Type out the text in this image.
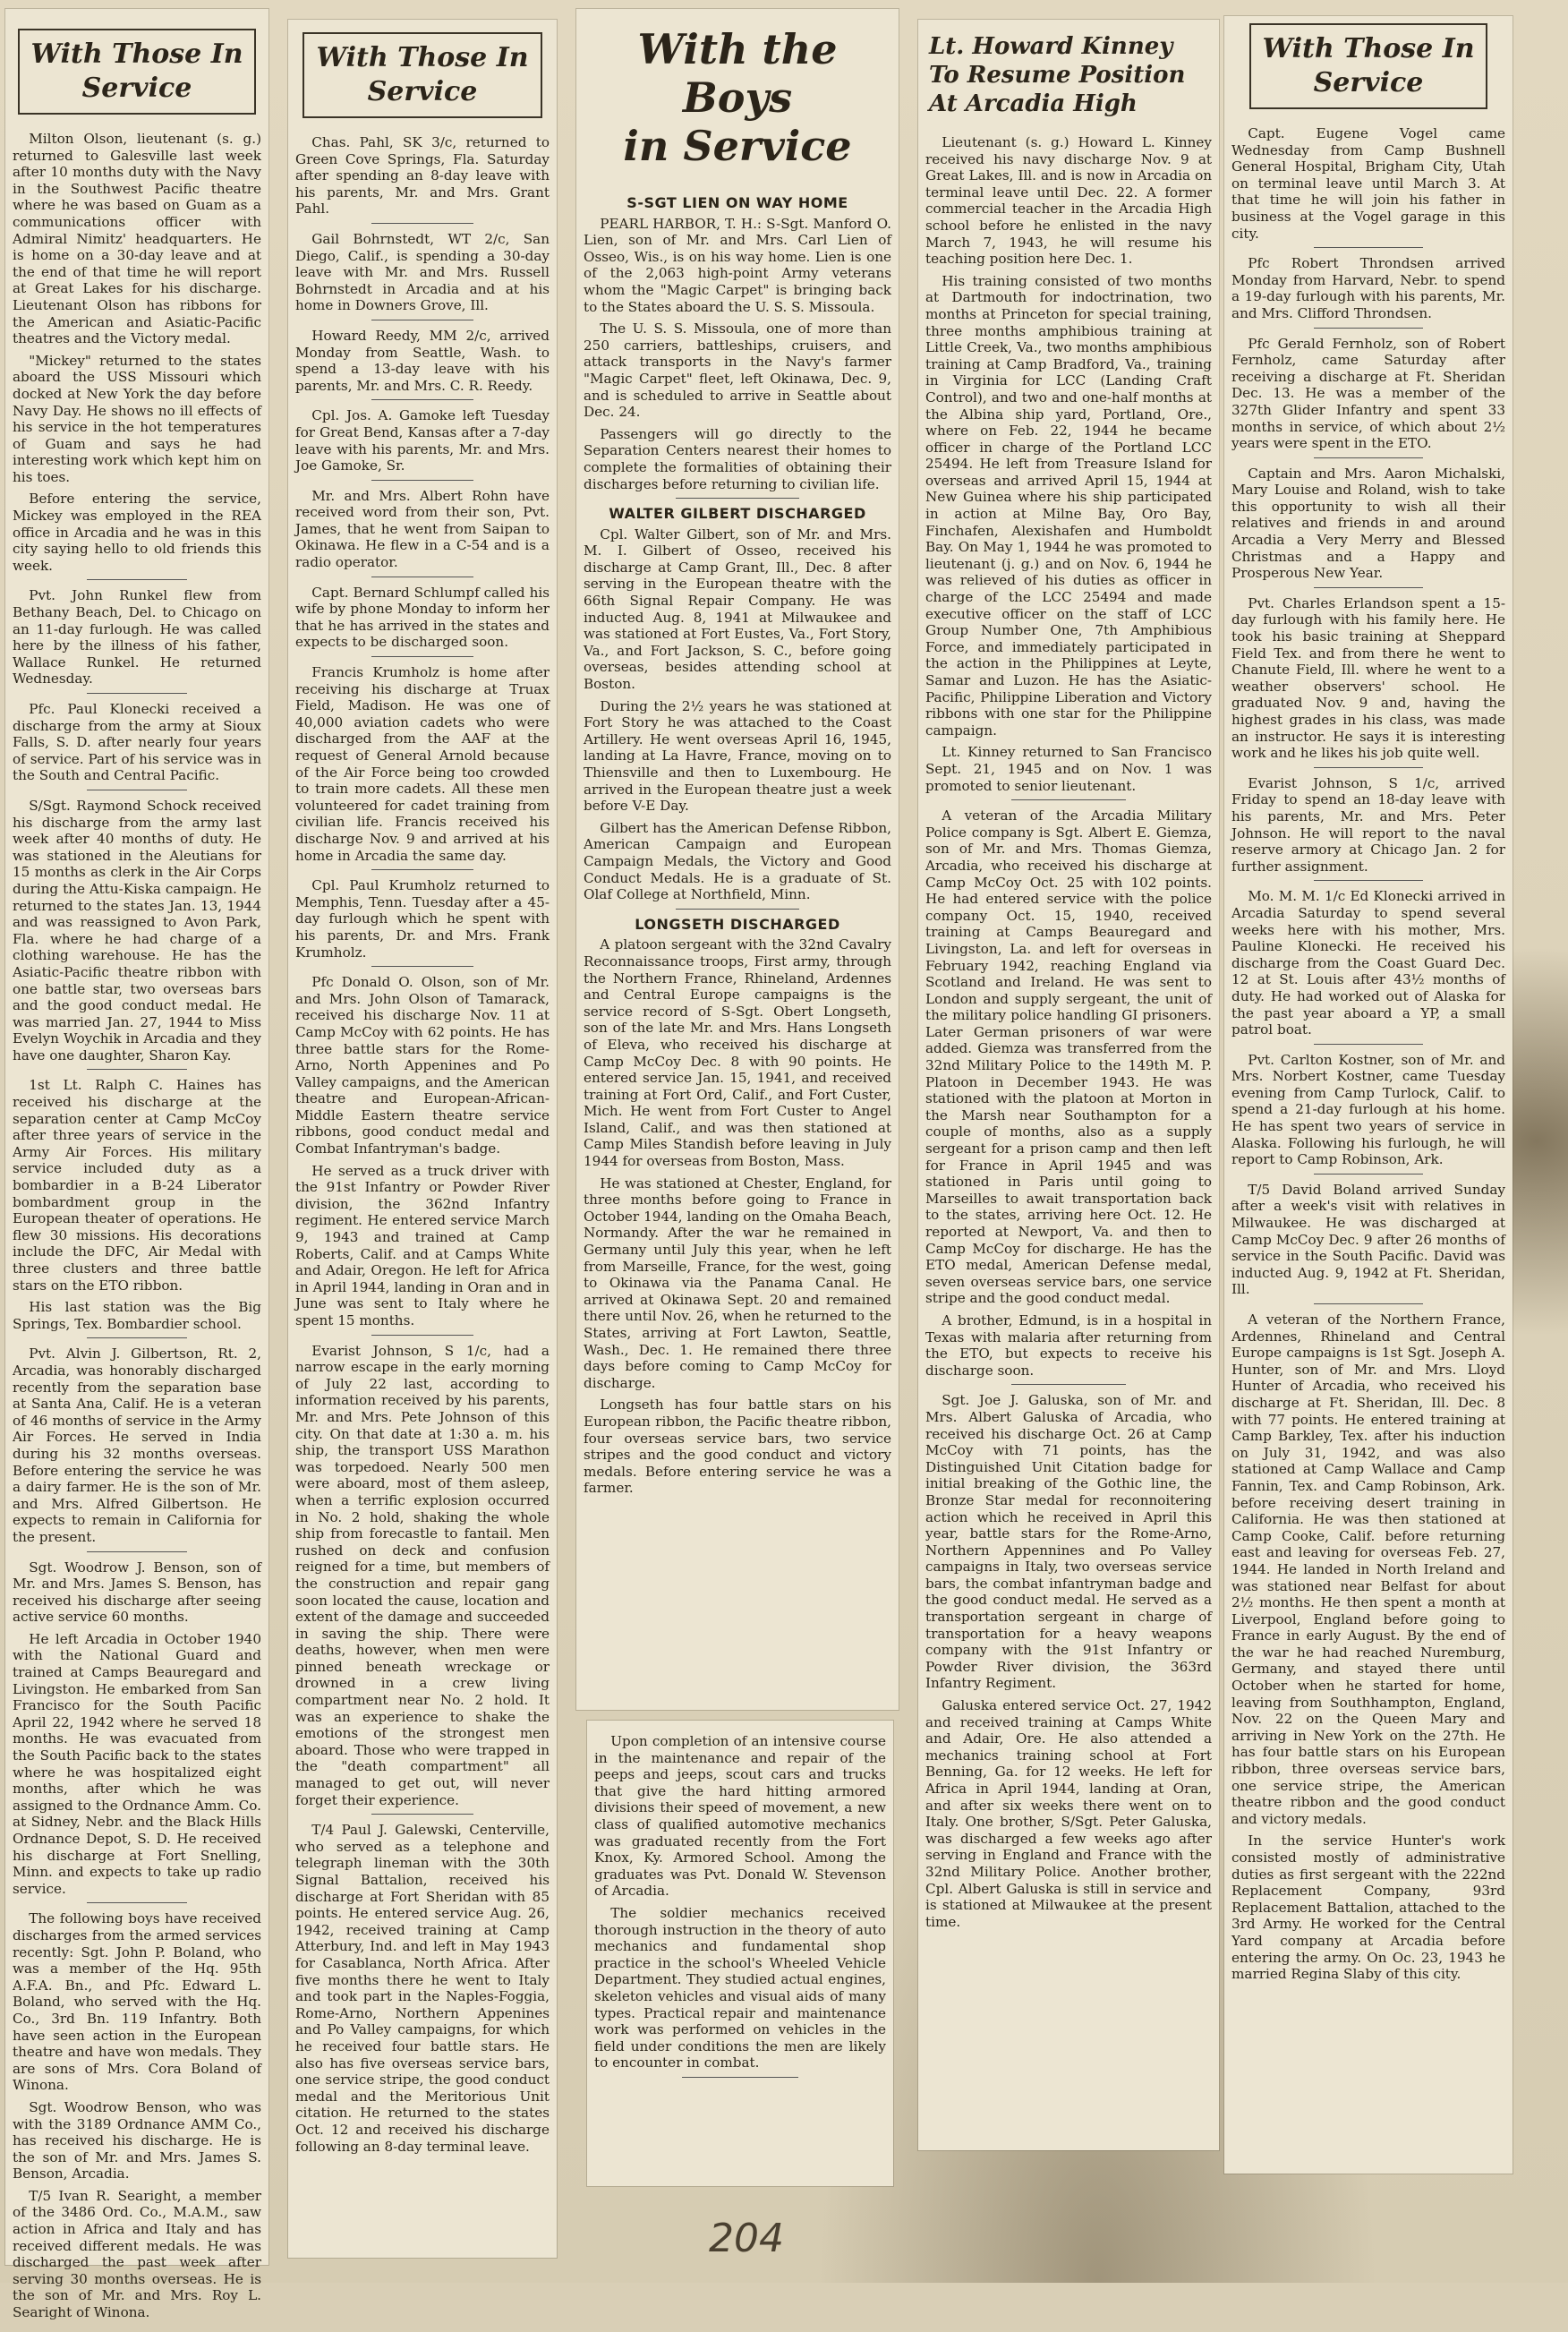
With Those In
Service

Milton Olson, lieutenant (s. g.) returned to Galesville last week after 10 months duty with the Navy in the Southwest Pacific theatre where he was based on Guam as a communications officer with Admiral Nimitz' headquarters. He is home on a 30-day leave and at the end of that time he will report at Great Lakes for his discharge. Lieutenant Olson has ribbons for the American and Asiatic-Pacific theatres and the Victory medal.

"Mickey" returned to the states aboard the USS Missouri which docked at New York the day before Navy Day. He shows no ill effects of his service in the hot temperatures of Guam and says he had interesting work which kept him on his toes.

Before entering the service, Mickey was employed in the REA office in Arcadia and he was in this city saying hello to old friends this week.

Pvt. John Runkel flew from Bethany Beach, Del. to Chicago on an 11-day furlough. He was called here by the illness of his father, Wallace Runkel. He returned Wednesday.

Pfc. Paul Klonecki received a discharge from the army at Sioux Falls, S. D. after nearly four years of service. Part of his service was in the South and Central Pacific.

S/Sgt. Raymond Schock received his discharge from the army last week after 40 months of duty. He was stationed in the Aleutians for 15 months as clerk in the Air Corps during the Attu-Kiska campaign. He returned to the states Jan. 13, 1944 and was reassigned to Avon Park, Fla. where he had charge of a clothing warehouse. He has the Asiatic-Pacific theatre ribbon with one battle star, two overseas bars and the good conduct medal. He was married Jan. 27, 1944 to Miss Evelyn Woychik in Arcadia and they have one daughter, Sharon Kay.

1st Lt. Ralph C. Haines has received his discharge at the separation center at Camp McCoy after three years of service in the Army Air Forces. His military service included duty as a bombardier in a B-24 Liberator bombardment group in the European theater of operations. He flew 30 missions. His decorations include the DFC, Air Medal with three clusters and three battle stars on the ETO ribbon.

His last station was the Big Springs, Tex. Bombardier school.

Pvt. Alvin J. Gilbertson, Rt. 2, Arcadia, was honorably discharged recently from the separation base at Santa Ana, Calif. He is a veteran of 46 months of service in the Army Air Forces. He served in India during his 32 months overseas. Before entering the service he was a dairy farmer. He is the son of Mr. and Mrs. Alfred Gilbertson. He expects to remain in California for the present.

Sgt. Woodrow J. Benson, son of Mr. and Mrs. James S. Benson, has received his discharge after seeing active service 60 months.

He left Arcadia in October 1940 with the National Guard and trained at Camps Beauregard and Livingston. He embarked from San Francisco for the South Pacific April 22, 1942 where he served 18 months. He was evacuated from the South Pacific back to the states where he was hospitalized eight months, after which he was assigned to the Ordnance Amm. Co. at Sidney, Nebr. and the Black Hills Ordnance Depot, S. D. He received his discharge at Fort Snelling, Minn. and expects to take up radio service.

The following boys have received discharges from the armed services recently: Sgt. John P. Boland, who was a member of the Hq. 95th A.F.A. Bn., and Pfc. Edward L. Boland, who served with the Hq. Co., 3rd Bn. 119 Infantry. Both have seen action in the European theatre and have won medals. They are sons of Mrs. Cora Boland of Winona.

Sgt. Woodrow Benson, who was with the 3189 Ordnance AMM Co., has received his discharge. He is the son of Mr. and Mrs. James S. Benson, Arcadia.

T/5 Ivan R. Searight, a member of the 3486 Ord. Co., M.A.M., saw action in Africa and Italy and has received different medals. He was discharged the past week after serving 30 months overseas. He is the son of Mr. and Mrs. Roy L. Searight of Winona.

With Those In
Service

Chas. Pahl, SK 3/c, returned to Green Cove Springs, Fla. Saturday after spending an 8-day leave with his parents, Mr. and Mrs. Grant Pahl.

Gail Bohrnstedt, WT 2/c, San Diego, Calif., is spending a 30-day leave with Mr. and Mrs. Russell Bohrnstedt in Arcadia and at his home in Downers Grove, Ill.

Howard Reedy, MM 2/c, arrived Monday from Seattle, Wash. to spend a 13-day leave with his parents, Mr. and Mrs. C. R. Reedy.

Cpl. Jos. A. Gamoke left Tuesday for Great Bend, Kansas after a 7-day leave with his parents, Mr. and Mrs. Joe Gamoke, Sr.

Mr. and Mrs. Albert Rohn have received word from their son, Pvt. James, that he went from Saipan to Okinawa. He flew in a C-54 and is a radio operator.

Capt. Bernard Schlumpf called his wife by phone Monday to inform her that he has arrived in the states and expects to be discharged soon.

Francis Krumholz is home after receiving his discharge at Truax Field, Madison. He was one of 40,000 aviation cadets who were discharged from the AAF at the request of General Arnold because of the Air Force being too crowded to train more cadets. All these men volunteered for cadet training from civilian life. Francis received his discharge Nov. 9 and arrived at his home in Arcadia the same day.

Cpl. Paul Krumholz returned to Memphis, Tenn. Tuesday after a 45-day furlough which he spent with his parents, Dr. and Mrs. Frank Krumholz.

Pfc Donald O. Olson, son of Mr. and Mrs. John Olson of Tamarack, received his discharge Nov. 11 at Camp McCoy with 62 points. He has three battle stars for the Rome-Arno, North Appenines and Po Valley campaigns, and the American theatre and European-African-Middle Eastern theatre service ribbons, good conduct medal and Combat Infantryman's badge.

He served as a truck driver with the 91st Infantry or Powder River division, the 362nd Infantry regiment. He entered service March 9, 1943 and trained at Camp Roberts, Calif. and at Camps White and Adair, Oregon. He left for Africa in April 1944, landing in Oran and in June was sent to Italy where he spent 15 months.

Evarist Johnson, S 1/c, had a narrow escape in the early morning of July 22 last, according to information received by his parents, Mr. and Mrs. Pete Johnson of this city. On that date at 1:30 a. m. his ship, the transport USS Marathon was torpedoed. Nearly 500 men were aboard, most of them asleep, when a terrific explosion occurred in No. 2 hold, shaking the whole ship from forecastle to fantail. Men rushed on deck and confusion reigned for a time, but members of the construction and repair gang soon located the cause, location and extent of the damage and succeeded in saving the ship. There were deaths, however, when men were pinned beneath wreckage or drowned in a crew living compartment near No. 2 hold. It was an experience to shake the emotions of the strongest men aboard. Those who were trapped in the "death compartment" all managed to get out, will never forget their experience.

T/4 Paul J. Galewski, Centerville, who served as a telephone and telegraph lineman with the 30th Signal Battalion, received his discharge at Fort Sheridan with 85 points. He entered service Aug. 26, 1942, received training at Camp Atterbury, Ind. and left in May 1943 for Casablanca, North Africa. After five months there he went to Italy and took part in the Naples-Foggia, Rome-Arno, Northern Appenines and Po Valley campaigns, for which he received four battle stars. He also has five overseas service bars, one service stripe, the good conduct medal and the Meritorious Unit citation. He returned to the states Oct. 12 and received his discharge following an 8-day terminal leave.

With the Boys
in Service
S-SGT LIEN ON WAY HOME

PEARL HARBOR, T. H.: S-Sgt. Manford O. Lien, son of Mr. and Mrs. Carl Lien of Osseo, Wis., is on his way home. Lien is one of the 2,063 high-point Army veterans whom the "Magic Carpet" is bringing back to the States aboard the U. S. S. Missoula.

The U. S. S. Missoula, one of more than 250 carriers, battleships, cruisers, and attack transports in the Navy's farmer "Magic Carpet" fleet, left Okinawa, Dec. 9, and is scheduled to arrive in Seattle about Dec. 24.

Passengers will go directly to the Separation Centers nearest their homes to complete the formalities of obtaining their discharges before returning to civilian life.

WALTER GILBERT DISCHARGED

Cpl. Walter Gilbert, son of Mr. and Mrs. M. I. Gilbert of Osseo, received his discharge at Camp Grant, Ill., Dec. 8 after serving in the European theatre with the 66th Signal Repair Company. He was inducted Aug. 8, 1941 at Milwaukee and was stationed at Fort Eustes, Va., Fort Story, Va., and Fort Jackson, S. C., before going overseas, besides attending school at Boston.

During the 2½ years he was stationed at Fort Story he was attached to the Coast Artillery. He went overseas April 16, 1945, landing at La Havre, France, moving on to Thiensville and then to Luxembourg. He arrived in the European theatre just a week before V-E Day.

Gilbert has the American Defense Ribbon, American Campaign and European Campaign Medals, the Victory and Good Conduct Medals. He is a graduate of St. Olaf College at Northfield, Minn.

LONGSETH DISCHARGED

A platoon sergeant with the 32nd Cavalry Reconnaissance troops, First army, through the Northern France, Rhineland, Ardennes and Central Europe campaigns is the service record of S-Sgt. Obert Longseth, son of the late Mr. and Mrs. Hans Longseth of Eleva, who received his discharge at Camp McCoy Dec. 8 with 90 points. He entered service Jan. 15, 1941, and received training at Fort Ord, Calif., and Fort Custer, Mich. He went from Fort Custer to Angel Island, Calif., and was then stationed at Camp Miles Standish before leaving in July 1944 for overseas from Boston, Mass.

He was stationed at Chester, England, for three months before going to France in October 1944, landing on the Omaha Beach, Normandy. After the war he remained in Germany until July this year, when he left from Marseille, France, for the west, going to Okinawa via the Panama Canal. He arrived at Okinawa Sept. 20 and remained there until Nov. 26, when he returned to the States, arriving at Fort Lawton, Seattle, Wash., Dec. 1. He remained there three days before coming to Camp McCoy for discharge.

Longseth has four battle stars on his European ribbon, the Pacific theatre ribbon, four overseas service bars, two service stripes and the good conduct and victory medals. Before entering service he was a farmer.

Upon completion of an intensive course in the maintenance and repair of the peeps and jeeps, scout cars and trucks that give the hard hitting armored divisions their speed of movement, a new class of qualified automotive mechanics was graduated recently from the Fort Knox, Ky. Armored School. Among the graduates was Pvt. Donald W. Stevenson of Arcadia.

The soldier mechanics received thorough instruction in the theory of auto mechanics and fundamental shop practice in the school's Wheeled Vehicle Department. They studied actual engines, skeleton vehicles and visual aids of many types. Practical repair and maintenance work was performed on vehicles in the field under conditions the men are likely to encounter in combat.

Lt. Howard Kinney
To Resume Position
At Arcadia High

Lieutenant (s. g.) Howard L. Kinney received his navy discharge Nov. 9 at Great Lakes, Ill. and is now in Arcadia on terminal leave until Dec. 22. A former commercial teacher in the Arcadia High school before he enlisted in the navy March 7, 1943, he will resume his teaching position here Dec. 1.

His training consisted of two months at Dartmouth for indoctrination, two months at Princeton for special training, three months amphibious training at Little Creek, Va., two months amphibious training at Camp Bradford, Va., training in Virginia for LCC (Landing Craft Control), and two and one-half months at the Albina ship yard, Portland, Ore., where on Feb. 22, 1944 he became officer in charge of the Portland LCC 25494. He left from Treasure Island for overseas and arrived April 15, 1944 at New Guinea where his ship participated in action at Milne Bay, Oro Bay, Finchafen, Alexishafen and Humboldt Bay. On May 1, 1944 he was promoted to lieutenant (j. g.) and on Nov. 6, 1944 he was relieved of his duties as officer in charge of the LCC 25494 and made executive officer on the staff of LCC Group Number One, 7th Amphibious Force, and immediately participated in the action in the Philippines at Leyte, Samar and Luzon. He has the Asiatic-Pacific, Philippine Liberation and Victory ribbons with one star for the Philippine campaign.

Lt. Kinney returned to San Francisco Sept. 21, 1945 and on Nov. 1 was promoted to senior lieutenant.

A veteran of the Arcadia Military Police company is Sgt. Albert E. Giemza, son of Mr. and Mrs. Thomas Giemza, Arcadia, who received his discharge at Camp McCoy Oct. 25 with 102 points. He had entered service with the police company Oct. 15, 1940, received training at Camps Beauregard and Livingston, La. and left for overseas in February 1942, reaching England via Scotland and Ireland. He was sent to London and supply sergeant, the unit of the military police handling GI prisoners. Later German prisoners of war were added. Giemza was transferred from the 32nd Military Police to the 149th M. P. Platoon in December 1943. He was stationed with the platoon at Morton in the Marsh near Southampton for a couple of months, also as a supply sergeant for a prison camp and then left for France in April 1945 and was stationed in Paris until going to Marseilles to await transportation back to the states, arriving here Oct. 12. He reported at Newport, Va. and then to Camp McCoy for discharge. He has the ETO medal, American Defense medal, seven overseas service bars, one service stripe and the good conduct medal.

A brother, Edmund, is in a hospital in Texas with malaria after returning from the ETO, but expects to receive his discharge soon.

Sgt. Joe J. Galuska, son of Mr. and Mrs. Albert Galuska of Arcadia, who received his discharge Oct. 26 at Camp McCoy with 71 points, has the Distinguished Unit Citation badge for initial breaking of the Gothic line, the Bronze Star medal for reconnoitering action which he received in April this year, battle stars for the Rome-Arno, Northern Appennines and Po Valley campaigns in Italy, two overseas service bars, the combat infantryman badge and the good conduct medal. He served as a transportation sergeant in charge of transportation for a heavy weapons company with the 91st Infantry or Powder River division, the 363rd Infantry Regiment.

Galuska entered service Oct. 27, 1942 and received training at Camps White and Adair, Ore. He also attended a mechanics training school at Fort Benning, Ga. for 12 weeks. He left for Africa in April 1944, landing at Oran, and after six weeks there went on to Italy. One brother, S/Sgt. Peter Galuska, was discharged a few weeks ago after serving in England and France with the 32nd Military Police. Another brother, Cpl. Albert Galuska is still in service and is stationed at Milwaukee at the present time.

With Those In
Service

Capt. Eugene Vogel came Wednesday from Camp Bushnell General Hospital, Brigham City, Utah on terminal leave until March 3. At that time he will join his father in business at the Vogel garage in this city.

Pfc Robert Throndsen arrived Monday from Harvard, Nebr. to spend a 19-day furlough with his parents, Mr. and Mrs. Clifford Throndsen.

Pfc Gerald Fernholz, son of Robert Fernholz, came Saturday after receiving a discharge at Ft. Sheridan Dec. 13. He was a member of the 327th Glider Infantry and spent 33 months in service, of which about 2½ years were spent in the ETO.

Captain and Mrs. Aaron Michalski, Mary Louise and Roland, wish to take this opportunity to wish all their relatives and friends in and around Arcadia a Very Merry and Blessed Christmas and a Happy and Prosperous New Year.

Pvt. Charles Erlandson spent a 15-day furlough with his family here. He took his basic training at Sheppard Field Tex. and from there he went to Chanute Field, Ill. where he went to a weather observers' school. He graduated Nov. 9 and, having the highest grades in his class, was made an instructor. He says it is interesting work and he likes his job quite well.

Evarist Johnson, S 1/c, arrived Friday to spend an 18-day leave with his parents, Mr. and Mrs. Peter Johnson. He will report to the naval reserve armory at Chicago Jan. 2 for further assignment.

Mo. M. M. 1/c Ed Klonecki arrived in Arcadia Saturday to spend several weeks here with his mother, Mrs. Pauline Klonecki. He received his discharge from the Coast Guard Dec. 12 at St. Louis after 43½ months of duty. He had worked out of Alaska for the past year aboard a YP, a small patrol boat.

Pvt. Carlton Kostner, son of Mr. and Mrs. Norbert Kostner, came Tuesday evening from Camp Turlock, Calif. to spend a 21-day furlough at his home. He has spent two years of service in Alaska. Following his furlough, he will report to Camp Robinson, Ark.

T/5 David Boland arrived Sunday after a week's visit with relatives in Milwaukee. He was discharged at Camp McCoy Dec. 9 after 26 months of service in the South Pacific. David was inducted Aug. 9, 1942 at Ft. Sheridan, Ill.

A veteran of the Northern France, Ardennes, Rhineland and Central Europe campaigns is 1st Sgt. Joseph A. Hunter, son of Mr. and Mrs. Lloyd Hunter of Arcadia, who received his discharge at Ft. Sheridan, Ill. Dec. 8 with 77 points. He entered training at Camp Barkley, Tex. after his induction on July 31, 1942, and was also stationed at Camp Wallace and Camp Fannin, Tex. and Camp Robinson, Ark. before receiving desert training in California. He was then stationed at Camp Cooke, Calif. before returning east and leaving for overseas Feb. 27, 1944. He landed in North Ireland and was stationed near Belfast for about 2½ months. He then spent a month at Liverpool, England before going to France in early August. By the end of the war he had reached Nuremburg, Germany, and stayed there until October when he started for home, leaving from Southhampton, England, Nov. 22 on the Queen Mary and arriving in New York on the 27th. He has four battle stars on his European ribbon, three overseas service bars, one service stripe, the American theatre ribbon and the good conduct and victory medals.

In the service Hunter's work consisted mostly of administrative duties as first sergeant with the 222nd Replacement Company, 93rd Replacement Battalion, attached to the 3rd Army. He worked for the Central Yard company at Arcadia before entering the army. On Oc. 23, 1943 he married Regina Slaby of this city.

204
